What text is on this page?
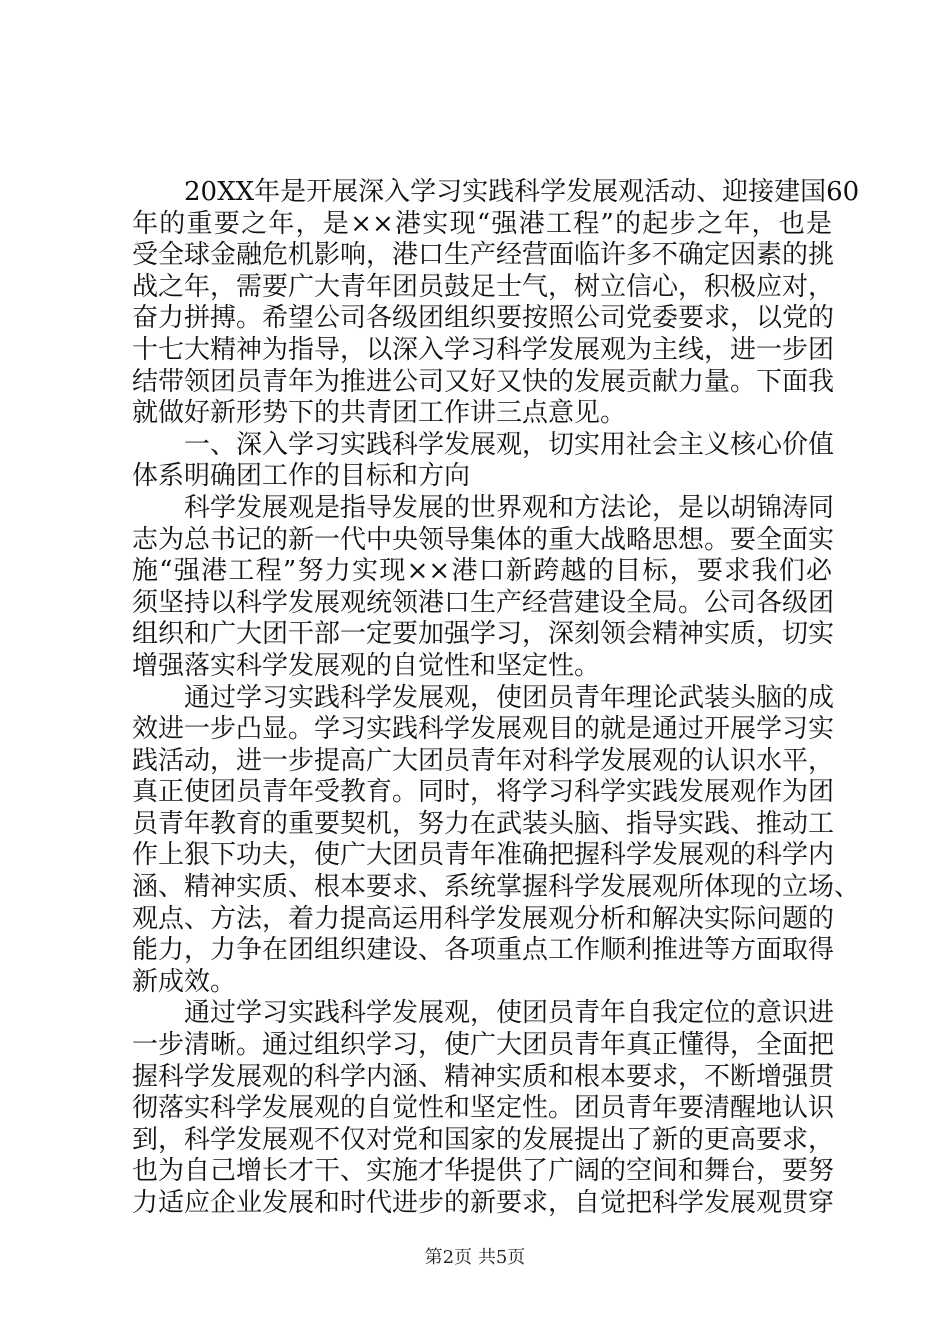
　　20XX年是开展深入学习实践科学发展观活动、迎接建国60
年的重要之年，是××港实现“强港工程”的起步之年，也是
受全球金融危机影响，港口生产经营面临许多不确定因素的挑
战之年，需要广大青年团员鼓足士气，树立信心，积极应对，
奋力拼搏。希望公司各级团组织要按照公司党委要求，以党的
十七大精神为指导，以深入学习科学发展观为主线，进一步团
结带领团员青年为推进公司又好又快的发展贡献力量。下面我
就做好新形势下的共青团工作讲三点意见。
　　一、深入学习实践科学发展观，切实用社会主义核心价值
体系明确团工作的目标和方向
　　科学发展观是指导发展的世界观和方法论，是以胡锦涛同
志为总书记的新一代中央领导集体的重大战略思想。要全面实
施“强港工程”努力实现××港口新跨越的目标，要求我们必
须坚持以科学发展观统领港口生产经营建设全局。公司各级团
组织和广大团干部一定要加强学习，深刻领会精神实质，切实
增强落实科学发展观的自觉性和坚定性。
　　通过学习实践科学发展观，使团员青年理论武装头脑的成
效进一步凸显。学习实践科学发展观目的就是通过开展学习实
践活动，进一步提高广大团员青年对科学发展观的认识水平，
真正使团员青年受教育。同时，将学习科学实践发展观作为团
员青年教育的重要契机，努力在武装头脑、指导实践、推动工
作上狠下功夫，使广大团员青年准确把握科学发展观的科学内
涵、精神实质、根本要求、系统掌握科学发展观所体现的立场、
观点、方法，着力提高运用科学发展观分析和解决实际问题的
能力，力争在团组织建设、各项重点工作顺利推进等方面取得
新成效。
　　通过学习实践科学发展观，使团员青年自我定位的意识进
一步清晰。通过组织学习，使广大团员青年真正懂得，全面把
握科学发展观的科学内涵、精神实质和根本要求，不断增强贯
彻落实科学发展观的自觉性和坚定性。团员青年要清醒地认识
到，科学发展观不仅对党和国家的发展提出了新的更高要求，
也为自己增长才干、实施才华提供了广阔的空间和舞台，要努
力适应企业发展和时代进步的新要求，自觉把科学发展观贯穿
第2页 共5页
